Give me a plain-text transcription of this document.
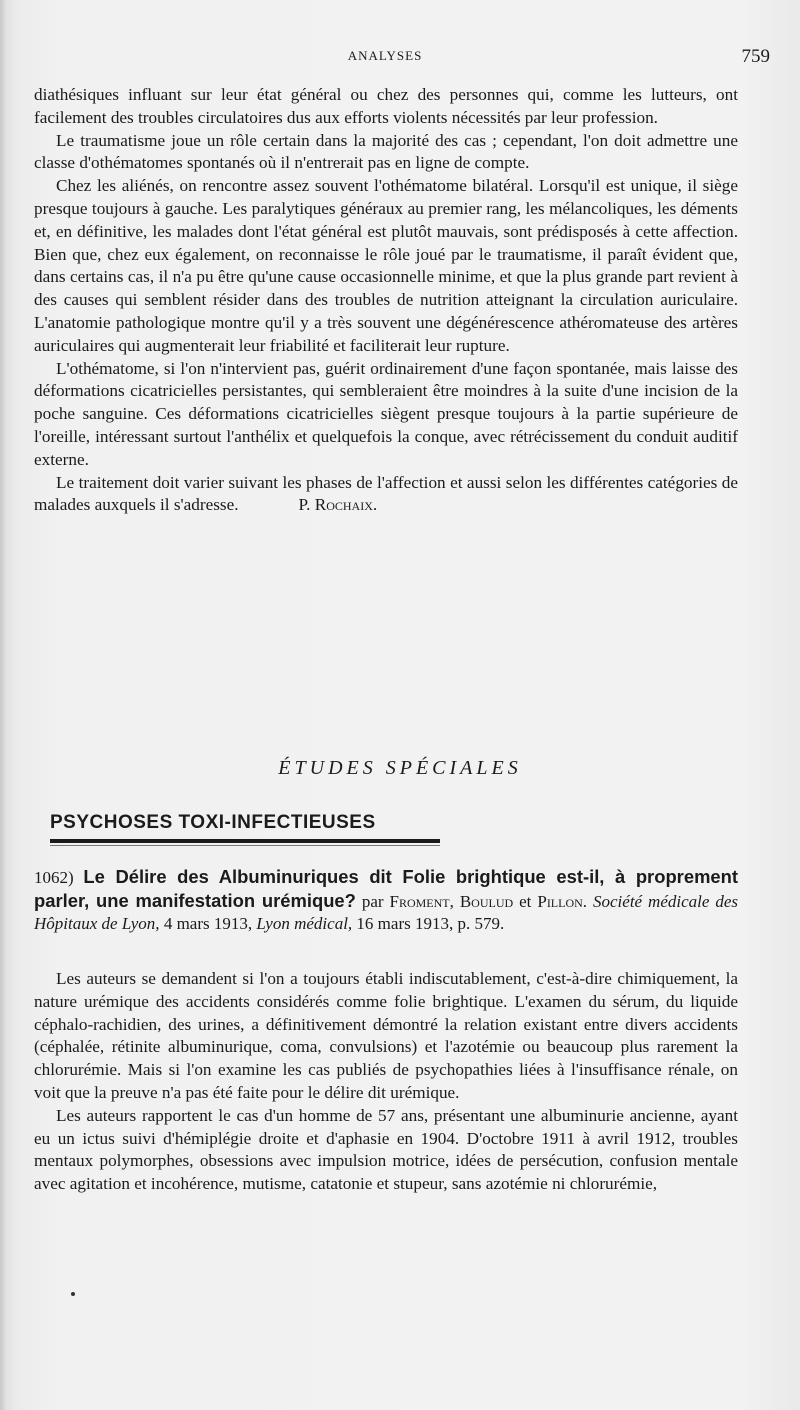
ANALYSES	759

diathésiques influant sur leur état général ou chez des personnes qui, comme les lutteurs, ont facilement des troubles circulatoires dus aux efforts violents nécessités par leur profession.

Le traumatisme joue un rôle certain dans la majorité des cas ; cependant, l'on doit admettre une classe d'othématomes spontanés où il n'entrerait pas en ligne de compte.

Chez les aliénés, on rencontre assez souvent l'othématome bilatéral. Lorsqu'il est unique, il siège presque toujours à gauche. Les paralytiques généraux au premier rang, les mélancoliques, les déments et, en définitive, les malades dont l'état général est plutôt mauvais, sont prédisposés à cette affection. Bien que, chez eux également, on reconnaisse le rôle joué par le traumatisme, il paraît évident que, dans certains cas, il n'a pu être qu'une cause occasionnelle minime, et que la plus grande part revient à des causes qui semblent résider dans des troubles de nutrition atteignant la circulation auriculaire. L'anatomie pathologique montre qu'il y a très souvent une dégénérescence athéromateuse des artères auriculaires qui augmenterait leur friabilité et faciliterait leur rupture.

L'othématome, si l'on n'intervient pas, guérit ordinairement d'une façon spontanée, mais laisse des déformations cicatricielles persistantes, qui sembleraient être moindres à la suite d'une incision de la poche sanguine. Ces déformations cicatricielles siègent presque toujours à la partie supérieure de l'oreille, intéressant surtout l'anthélix et quelquefois la conque, avec rétrécissement du conduit auditif externe.

Le traitement doit varier suivant les phases de l'affection et aussi selon les différentes catégories de malades auxquels il s'adresse.	P. Rochaix.

ÉTUDES SPÉCIALES
PSYCHOSES TOXI-INFECTIEUSES
1062) Le Délire des Albuminuriques dit Folie brightique est-il, à proprement parler, une manifestation urémique? par Froment, Boulud et Pillon. Société médicale des Hôpitaux de Lyon, 4 mars 1913, Lyon médical, 16 mars 1913, p. 579.

Les auteurs se demandent si l'on a toujours établi indiscutablement, c'est-à-dire chimiquement, la nature urémique des accidents considérés comme folie brightique. L'examen du sérum, du liquide céphalo-rachidien, des urines, a définitivement démontré la relation existant entre divers accidents (céphalée, rétinite albuminurique, coma, convulsions) et l'azotémie ou beaucoup plus rarement la chlorurémie. Mais si l'on examine les cas publiés de psychopathies liées à l'insuffisance rénale, on voit que la preuve n'a pas été faite pour le délire dit urémique.

Les auteurs rapportent le cas d'un homme de 57 ans, présentant une albuminurie ancienne, ayant eu un ictus suivi d'hémiplégie droite et d'aphasie en 1904. D'octobre 1911 à avril 1912, troubles mentaux polymorphes, obsessions avec impulsion motrice, idées de persécution, confusion mentale avec agitation et incohérence, mutisme, catatonie et stupeur, sans azotémie ni chlorurémie,
